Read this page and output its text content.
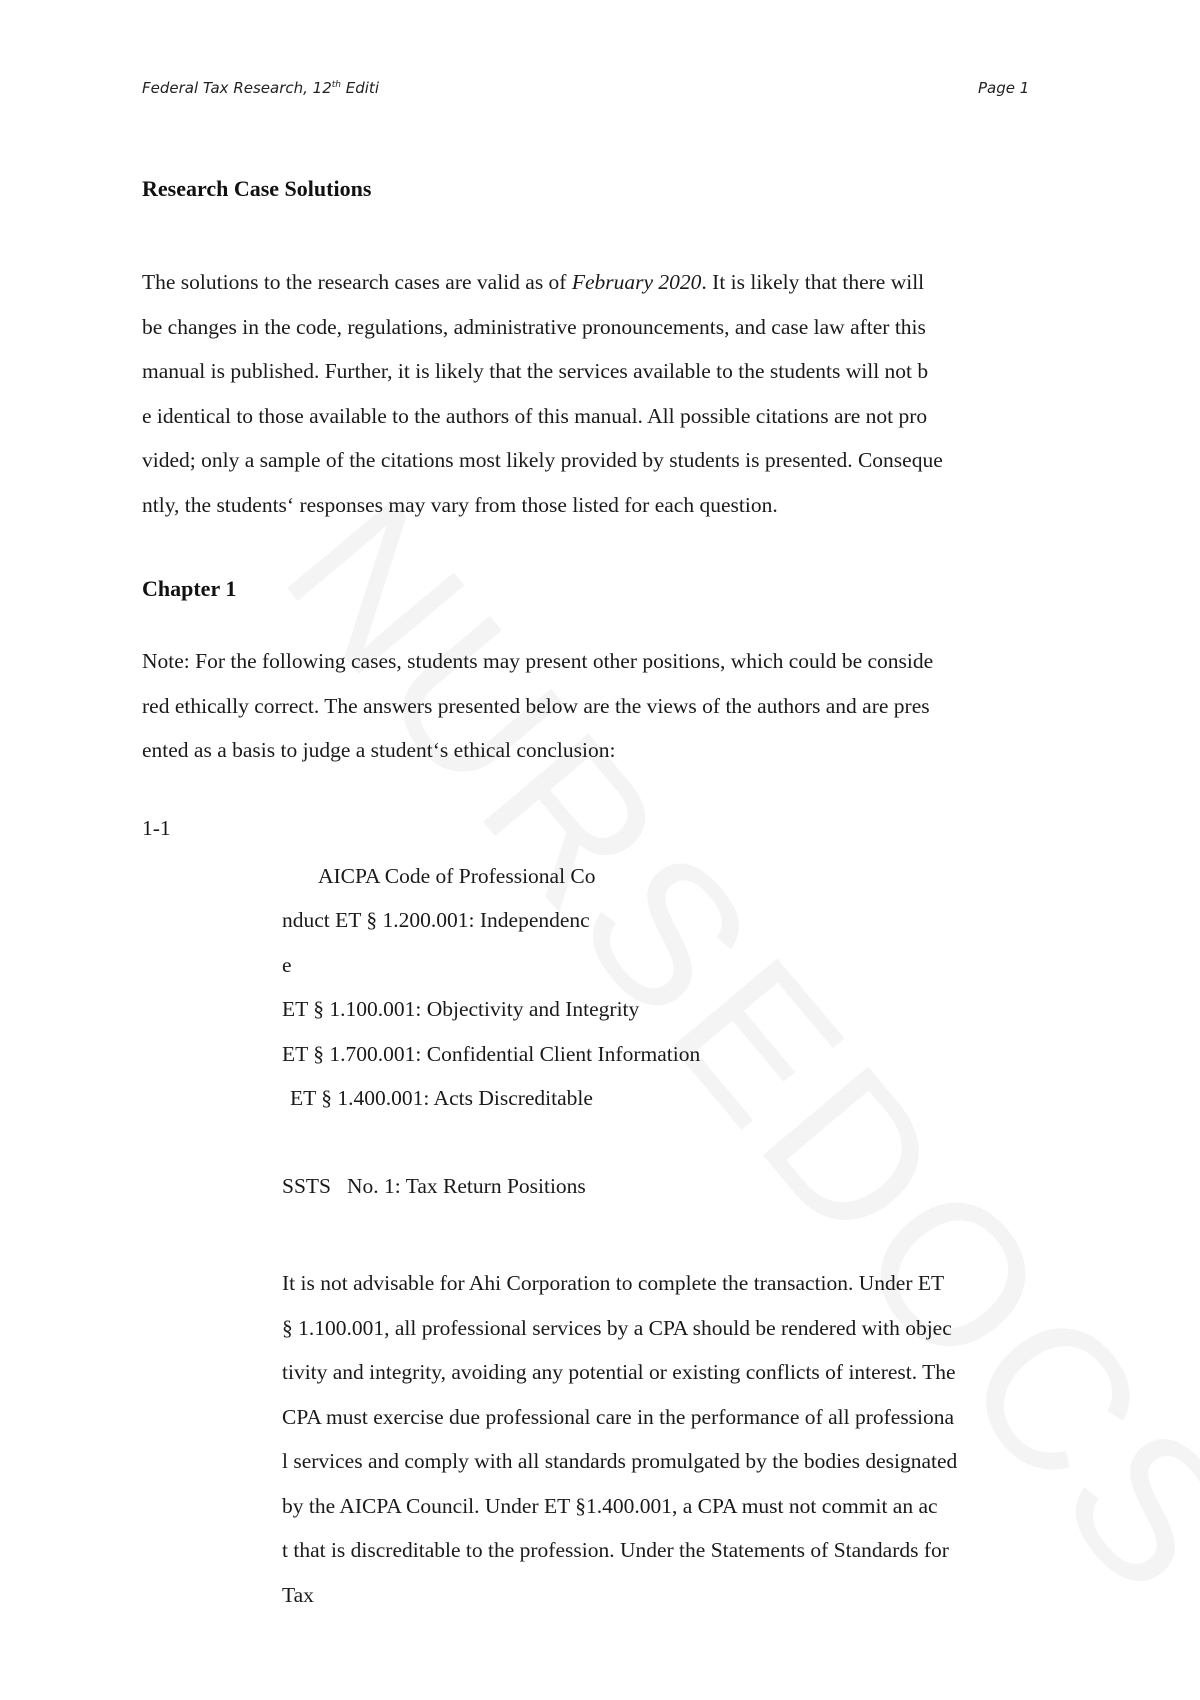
Federal Tax Research, 12th Editi	Page 1
Research Case Solutions
The solutions to the research cases are valid as of February 2020. It is likely that there will
be changes in the code, regulations, administrative pronouncements, and case law after this
manual is published. Further, it is likely that the services available to the students will not b
e identical to those available to the authors of this manual. All possible citations are not pro
vided; only a sample of the citations most likely provided by students is presented. Conseque
ntly, the students‘ responses may vary from those listed for each question.
Chapter 1
Note: For the following cases, students may present other positions, which could be conside
red ethically correct. The answers presented below are the views of the authors and are pres
ented as a basis to judge a student‘s ethical conclusion:
1-1
AICPA Code of Professional Co
nduct ET § 1.200.001: Independenc
e
ET § 1.100.001: Objectivity and Integrity
ET § 1.700.001: Confidential Client Information
ET § 1.400.001: Acts Discreditable
SSTS No. 1: Tax Return Positions
It is not advisable for Ahi Corporation to complete the transaction. Under ET
§ 1.100.001, all professional services by a CPA should be rendered with objec
tivity and integrity, avoiding any potential or existing conflicts of interest. The
CPA must exercise due professional care in the performance of all professiona
l services and comply with all standards promulgated by the bodies designated
by the AICPA Council. Under ET §1.400.001, a CPA must not commit an ac
t that is discreditable to the profession. Under the Statements of Standards for
Tax
